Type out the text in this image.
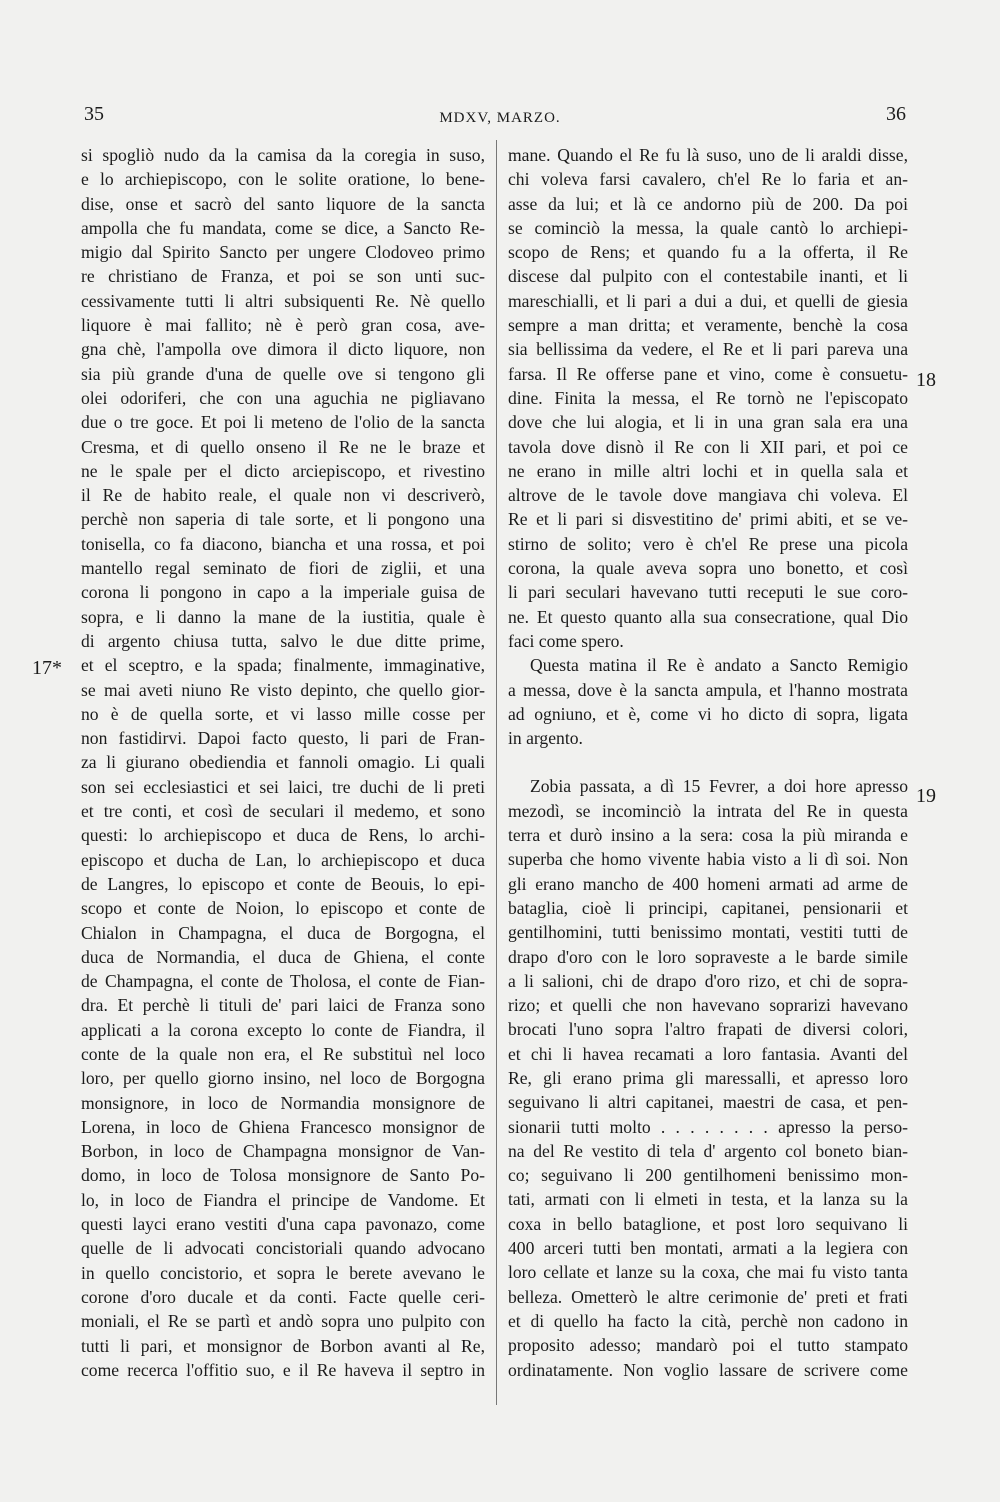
35	MDXV, MARZO.	36
si spogliò nudo da la camisa da la coregia in suso,
e lo archiepiscopo, con le solite oratione, lo bene-
dise, onse et sacrò del santo liquore de la sancta
ampolla che fu mandata, come se dice, a Sancto Re-
migio dal Spirito Sancto per ungere Clodoveo primo
re christiano de Franza, et poi se son unti suc-
cessivamente tutti li altri subsiquenti Re. Nè quello
liquore è mai fallito; nè è però gran cosa, ave-
gna chè, l'ampolla ove dimora il dicto liquore, non
sia più grande d'una de quelle ove si tengono gli
olei odoriferi, che con una aguchia ne pigliavano
due o tre goce. Et poi li meteno de l'olio de la sancta
Cresma, et di quello onseno il Re ne le braze et
ne le spale per el dicto arciepiscopo, et rivestino
il Re de habito reale, el quale non vi descriverò,
perchè non saperia di tale sorte, et li pongono una
tonisella, co fa diacono, biancha et una rossa, et poi
mantello regal seminato de fiori de ziglii, et una
corona li pongono in capo a la imperiale guisa de
sopra, e li danno la mane de la iustitia, quale è
di argento chiusa tutta, salvo le due ditte prime,
et el sceptro, e la spada; finalmente, immaginative,
se mai aveti niuno Re visto depinto, che quello gior-
no è de quella sorte, et vi lasso mille cosse per
non fastidirvi. Dapoi facto questo, li pari de Fran-
za li giurano obediendia et fannoli omagio. Li quali
son sei ecclesiastici et sei laici, tre duchi de li preti
et tre conti, et così de seculari il medemo, et sono
questi: lo archiepiscopo et duca de Rens, lo archi-
episcopo et ducha de Lan, lo archiepiscopo et duca
de Langres, lo episcopo et conte de Beouis, lo epi-
scopo et conte de Noion, lo episcopo et conte de
Chialon in Champagna, el duca de Borgogna, el
duca de Normandia, el duca de Ghiena, el conte
de Champagna, el conte de Tholosa, el conte de Fian-
dra. Et perchè li tituli de' pari laici de Franza sono
applicati a la corona excepto lo conte de Fiandra, il
conte de la quale non era, el Re substituì nel loco
loro, per quello giorno insino, nel loco de Borgogna
monsignore, in loco de Normandia monsignore de
Lorena, in loco de Ghiena Francesco monsignor de
Borbon, in loco de Champagna monsignor de Van-
domo, in loco de Tolosa monsignore de Santo Po-
lo, in loco de Fiandra el principe de Vandome. Et
questi layci erano vestiti d'una capa pavonazo, come
quelle de li advocati concistoriali quando advocano
in quello concistorio, et sopra le berete avevano le
corone d'oro ducale et da conti. Facte quelle ceri-
moniali, el Re se partì et andò sopra uno pulpito con
tutti li pari, et monsignor de Borbon avanti al Re,
come recerca l'offitio suo, e il Re haveva il septro in
mane. Quando el Re fu là suso, uno de li araldi disse,
chi voleva farsi cavalero, ch'el Re lo faria et an-
asse da lui; et là ce andorno più de 200. Da poi
se cominciò la messa, la quale cantò lo archiepi-
scopo de Rens; et quando fu a la offerta, il Re
discese dal pulpito con el contestabile inanti, et li
mareschialli, et li pari a dui a dui, et quelli de giesia
sempre a man dritta; et veramente, benchè la cosa
sia bellissima da vedere, el Re et li pari pareva una
farsa. Il Re offerse pane et vino, come è consuetu-
dine. Finita la messa, el Re tornò ne l'episcopato
dove che lui alogia, et li in una gran sala era una
tavola dove disnò il Re con li XII pari, et poi ce
ne erano in mille altri lochi et in quella sala et
altrove de le tavole dove mangiava chi voleva. El
Re et li pari si disvestitino de' primi abiti, et se ve-
stirno de solito; vero è ch'el Re prese una picola
corona, la quale aveva sopra uno bonetto, et così
li pari seculari havevano tutti receputi le sue coro-
ne. Et questo quanto alla sua consecratione, qual Dio
faci come spero.
Questa matina il Re è andato a Sancto Remigio
a messa, dove è la sancta ampula, et l'hanno mostrata
ad ogniuno, et è, come vi ho dicto di sopra, ligata
in argento.
Zobia passata, a dì 15 Fevrer, a doi hore apresso
mezodì, se incominciò la intrata del Re in questa
terra et durò insino a la sera: cosa la più miranda e
superba che homo vivente habia visto a li dì soi. Non
gli erano mancho de 400 homeni armati ad arme de
bataglia, cioè li principi, capitanei, pensionarii et
gentilhomini, tutti benissimo montati, vestiti tutti de
drapo d'oro con le loro sopraveste a le barde simile
a li salioni, chi de drapo d'oro rizo, et chi de sopra-
rizo; et quelli che non havevano soprarizi havevano
brocati l'uno sopra l'altro frapati de diversi colori,
et chi li havea recamati a loro fantasia. Avanti del
Re, gli erano prima gli maressalli, et apresso loro
seguivano li altri capitanei, maestri de casa, et pen-
sionarii tutti molto . . . . . . . . apresso la perso-
na del Re vestito di tela d' argento col boneto bian-
co; seguivano li 200 gentilhomeni benissimo mon-
tati, armati con li elmeti in testa, et la lanza su la
coxa in bello bataglione, et post loro sequivano li
400 arceri tutti ben montati, armati a la legiera con
loro cellate et lanze su la coxa, che mai fu visto tanta
belleza. Ometterò le altre cerimonie de' preti et frati
et di quello ha facto la cità, perchè non cadono in
proposito adesso; mandarò poi el tutto stampato
ordinatamente. Non voglio lassare de scrivere come
17*
18
19
